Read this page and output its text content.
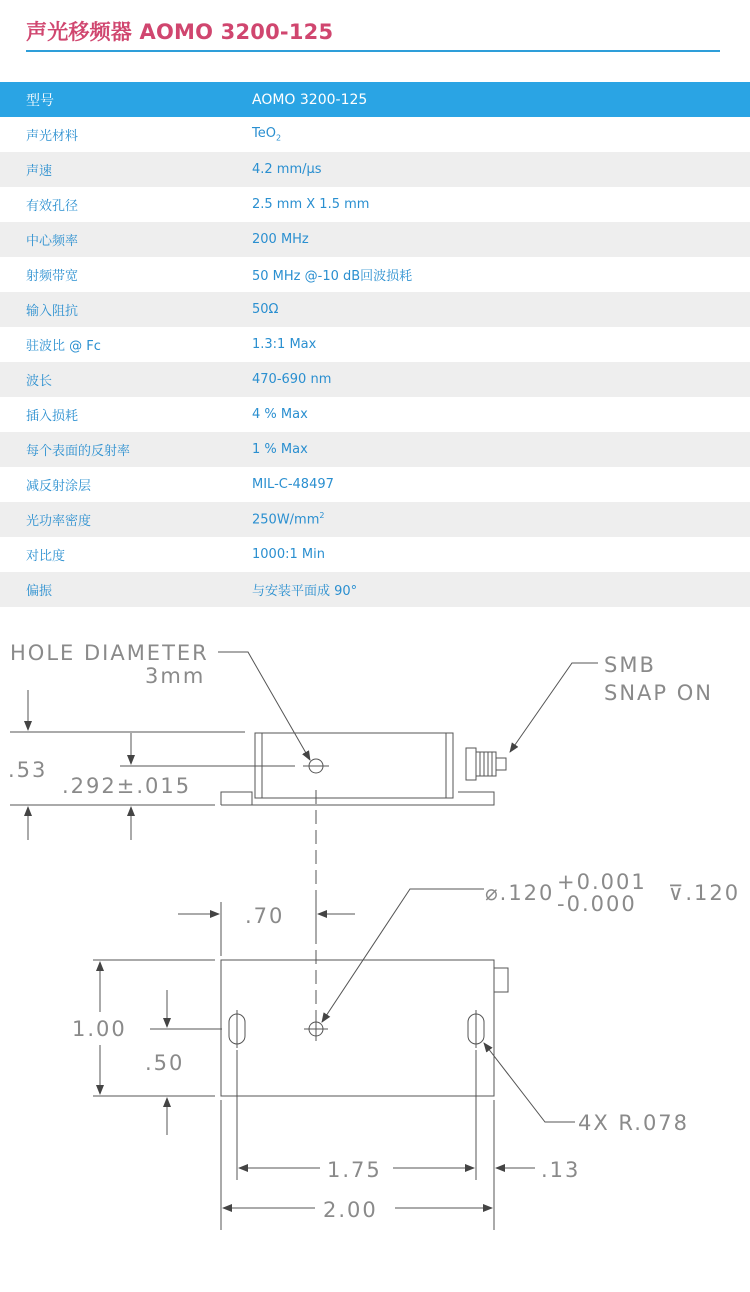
声光移频器 AOMO 3200-125
型号	AOMO 3200-125
声光材料	TeO$_2$
声速	4.2 mm/μs
有效孔径	2.5 mm X 1.5 mm
中心频率	200 MHz
射频带宽	50 MHz @-10 dB回波损耗
输入阻抗	50Ω
驻波比 @ Fc	1.3:1 Max
波长	470-690 nm
插入损耗	4 % Max
每个表面的反射率	1 % Max
减反射涂层	MIL-C-48497
光功率密度	$250W/mm^2$
对比度	1000:1 Min
偏振	与安装平面成 90°
HOLE DIAMETER
3mm	SMB
SNAP ON
.53
.292±.015
.70
⌀.120 +0.001
-0.000 ⊽.120
1.00
.50
4X R.078
1.75	.13
2.00
